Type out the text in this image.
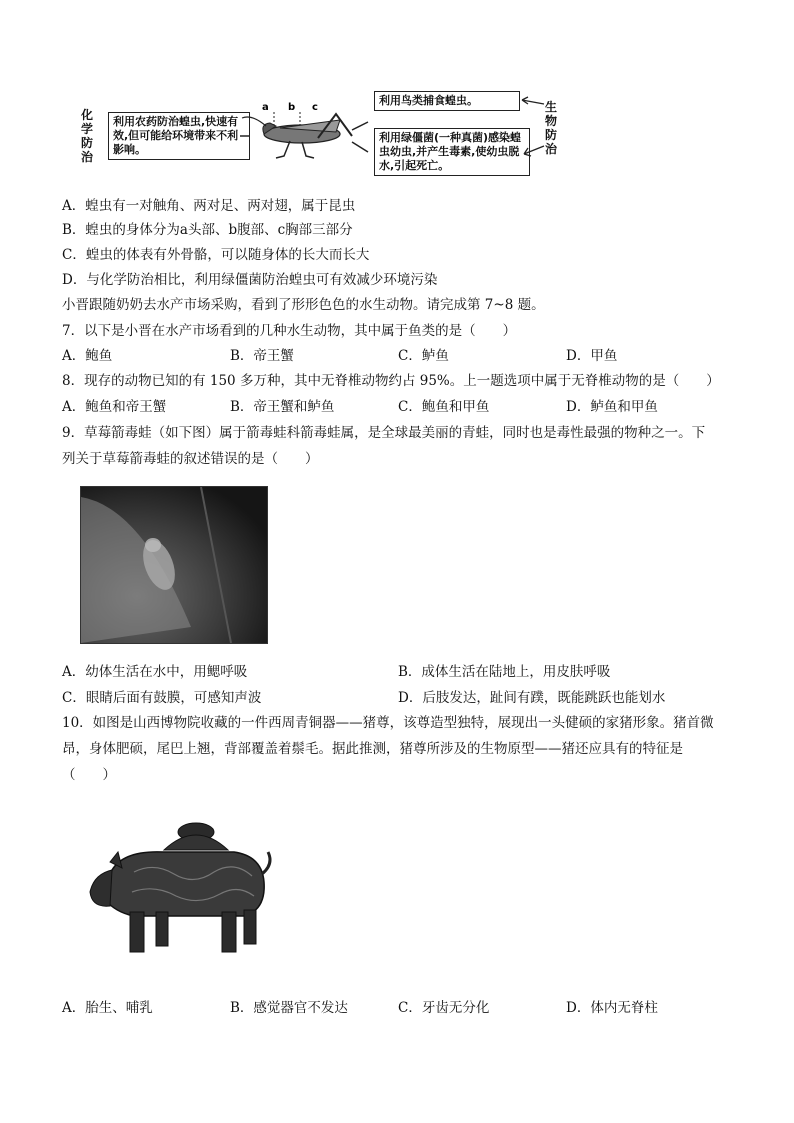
化
学
防
治
利用农药防治蝗虫,快速有效,但可能给环境带来不利影响。
a b c
利用鸟类捕食蝗虫。
利用绿僵菌(一种真菌)感染蝗虫幼虫,并产生毒素,使幼虫脱水,引起死亡。
生
物
防
治
A．蝗虫有一对触角、两对足、两对翅，属于昆虫
B．蝗虫的身体分为a头部、b腹部、c胸部三部分
C．蝗虫的体表有外骨骼，可以随身体的长大而长大
D．与化学防治相比，利用绿僵菌防治蝗虫可有效减少环境污染
小晋跟随奶奶去水产市场采购，看到了形形色色的水生动物。请完成第 7~8 题。
7．以下是小晋在水产市场看到的几种水生动物，其中属于鱼类的是（　　）
A．鲍鱼	B．帝王蟹	C．鲈鱼	D．甲鱼
8．现存的动物已知的有 150 多万种，其中无脊椎动物约占 95%。上一题选项中属于无脊椎动物的是（　　）
A．鲍鱼和帝王蟹	B．帝王蟹和鲈鱼	C．鲍鱼和甲鱼	D．鲈鱼和甲鱼
9．草莓箭毒蛙（如下图）属于箭毒蛙科箭毒蛙属，是全球最美丽的青蛙，同时也是毒性最强的物种之一。下
列关于草莓箭毒蛙的叙述错误的是（　　）
A．幼体生活在水中，用鳃呼吸	B．成体生活在陆地上，用皮肤呼吸
C．眼睛后面有鼓膜，可感知声波	D．后肢发达，趾间有蹼，既能跳跃也能划水
10．如图是山西博物院收藏的一件西周青铜器——猪尊，该尊造型独特，展现出一头健硕的家猪形象。猪首微
昂，身体肥硕，尾巴上翘，背部覆盖着鬃毛。据此推测，猪尊所涉及的生物原型——猪还应具有的特征是
（　　）
A．胎生、哺乳	B．感觉器官不发达	C．牙齿无分化	D．体内无脊柱
